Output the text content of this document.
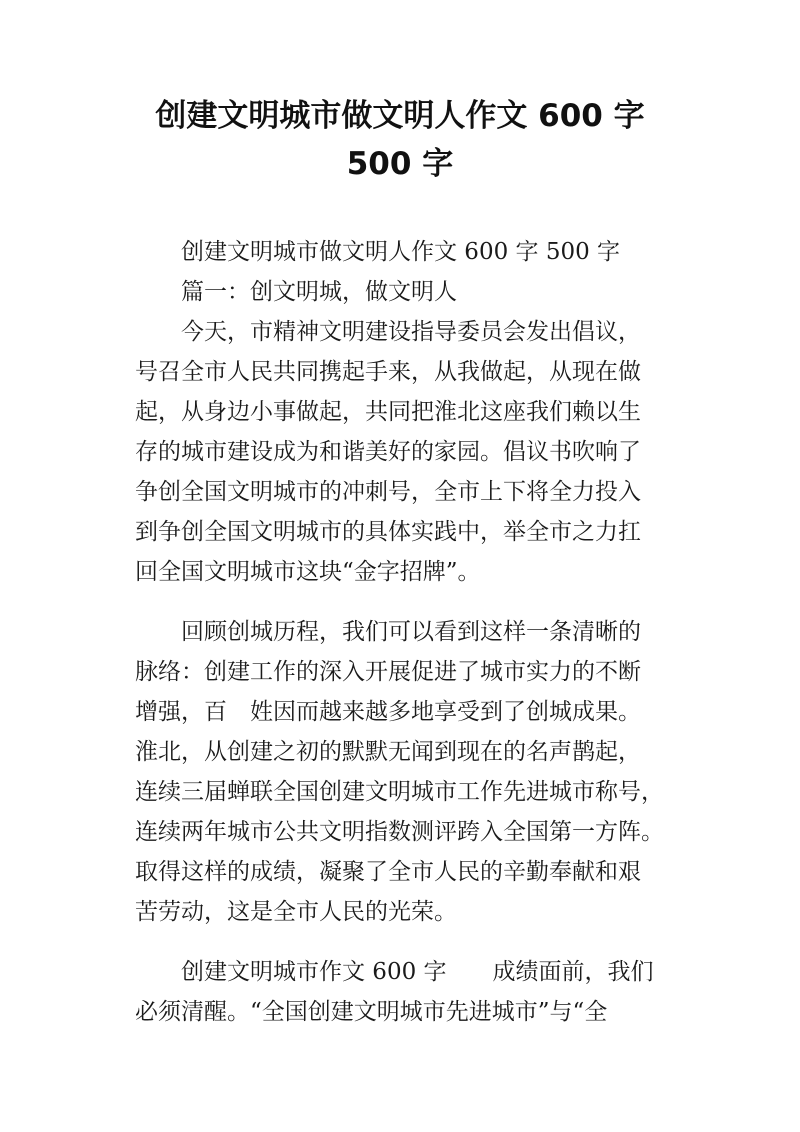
创建文明城市做文明人作文 600 字
500 字
创建文明城市做文明人作文 600 字 500 字
篇一：创文明城，做文明人
今天，市精神文明建设指导委员会发出倡议，
号召全市人民共同携起手来，从我做起，从现在做
起，从身边小事做起，共同把淮北这座我们赖以生
存的城市建设成为和谐美好的家园。倡议书吹响了
争创全国文明城市的冲刺号，全市上下将全力投入
到争创全国文明城市的具体实践中，举全市之力扛
回全国文明城市这块“金字招牌”。
回顾创城历程，我们可以看到这样一条清晰的
脉络：创建工作的深入开展促进了城市实力的不断
增强，百　姓因而越来越多地享受到了创城成果。
淮北，从创建之初的默默无闻到现在的名声鹊起，
连续三届蝉联全国创建文明城市工作先进城市称号，
连续两年城市公共文明指数测评跨入全国第一方阵。
取得这样的成绩，凝聚了全市人民的辛勤奉献和艰
苦劳动，这是全市人民的光荣。
创建文明城市作文 600 字　　成绩面前，我们
必须清醒。“全国创建文明城市先进城市”与“全
